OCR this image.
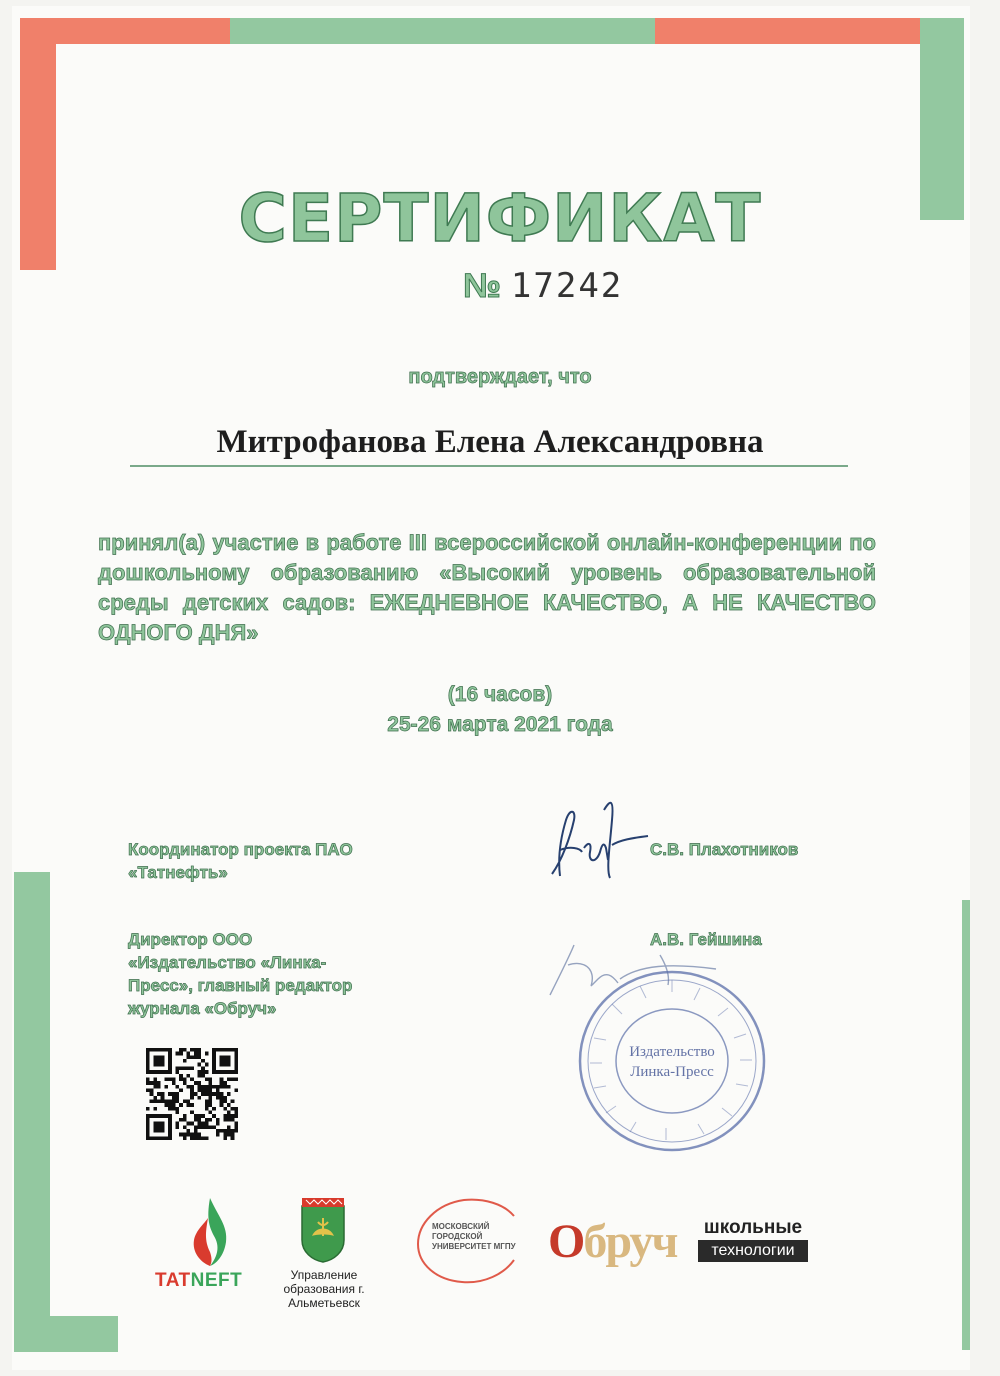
СЕРТИФИКАТ
№ 17242
подтверждает, что
Митрофанова Елена Александровна
принял(а) участие в работе III всероссийской онлайн-конференции по дошкольному образованию «Высокий уровень образовательной среды детских садов: ЕЖЕДНЕВНОЕ КАЧЕСТВО, А НЕ КАЧЕСТВО ОДНОГО ДНЯ»
(16 часов)
25-26 марта 2021 года
Координатор проекта ПАО «Татнефть»
С.В. Плахотников
Директор ООО «Издательство «Линка-Пресс», главный редактор журнала «Обруч»
А.В. Гейшина
Издательство
Линка-Пресс
TATNEFT	Управление образования г. Альметьевск
МОСКОВСКИЙ ГОРОДСКОЙ УНИВЕРСИТЕТ МГПУ Обруч	школьные
технологии
